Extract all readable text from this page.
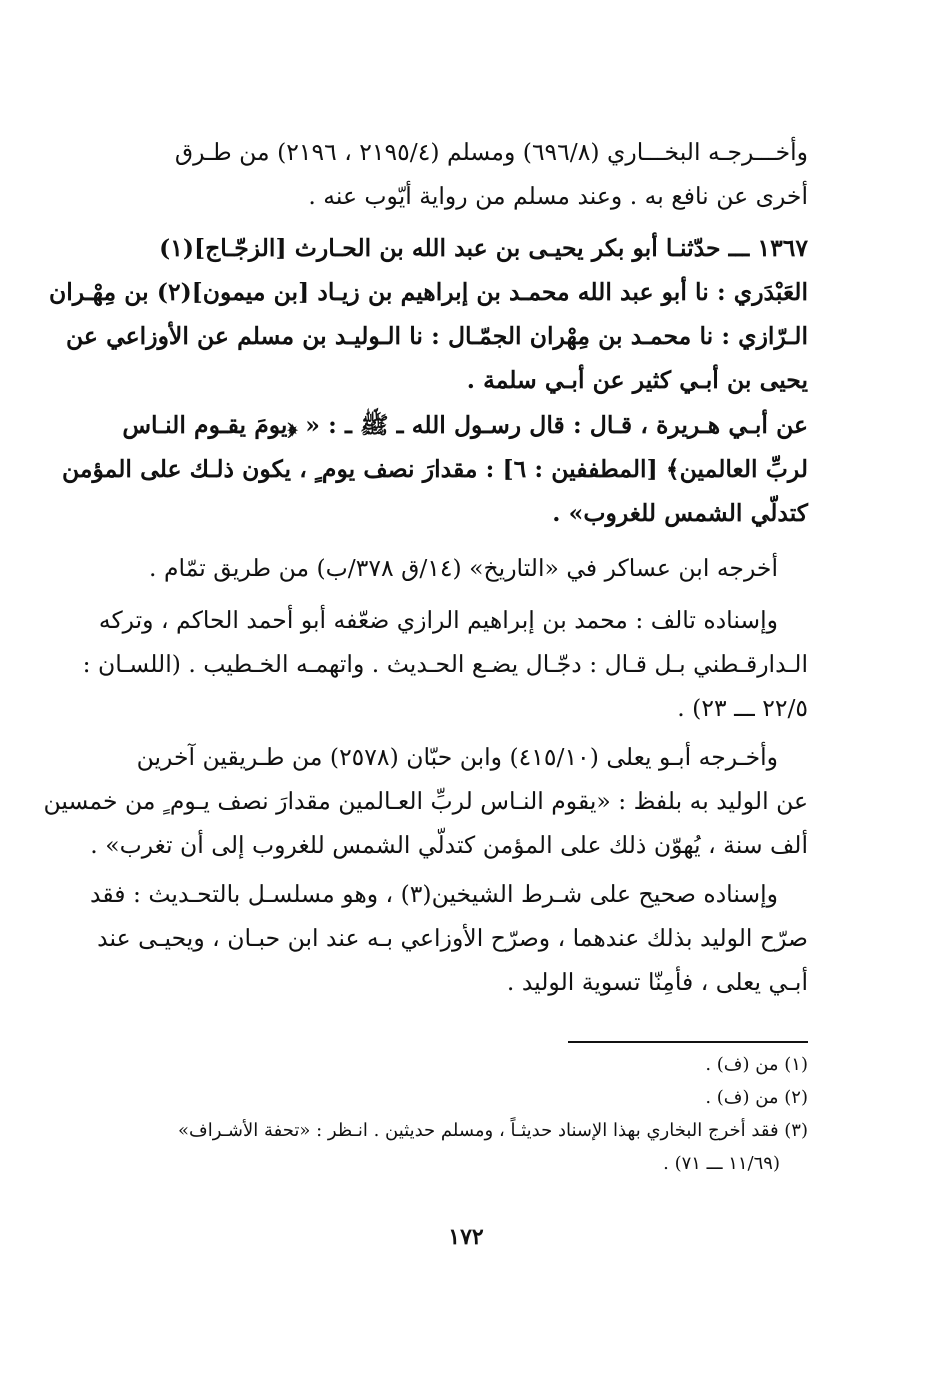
وأخـــرجـه البخـــاري (٦٩٦/٨) ومسلم (٢١٩٥/٤ ، ٢١٩٦) من طـرق
أخرى عن نافع به . وعند مسلم من رواية أيّوب عنه .
١٣٦٧ ـــ حدّثنـا أبو بكر يحيـى بن عبد الله بن الحـارث [الزجّـاج](١)
العَبْدَري : نا أبو عبد الله محمـد بن إبراهيم بن زيـاد [بن ميمون](٢) بن مِهْـران
الـرّازي : نا محمـد بن مِهْران الجمّـال : نا الـوليـد بن مسلم عن الأوزاعي عن
يحيى بن أبـي كثير عن أبـي سلمة .
عن أبـي هـريرة ، قـال : قال رسـول الله ـ ﷺ ـ : « ﴿يومَ يقـوم النـاس
لربِّ العالمين﴾ [المطففين : ٦] : مقدارَ نصف يوم ٍ ، يكون ذلـك على المؤمن
كتدلّي الشمس للغروب» .
أخرجه ابن عساكر في «التاريخ» (١٤/ق ٣٧٨/ب) من طريق تمّام .
وإسناده تالف : محمد بن إبراهيم الرازي ضعّفه أبو أحمد الحاكم ، وتركه
الـدارقـطني بـل قـال : دجّـال يضـع الحـديث . واتهمـه الخـطيب . (اللسـان :
٢٢/٥ ـــ ٢٣) .
وأخـرجه أبـو يعلى (٤١٥/١٠) وابن حبّان (٢٥٧٨) من طـريقين آخرين
عن الوليد به بلفظ : «يقوم النـاس لربِّ العـالمين مقدارَ نصف يـوم ٍ من خمسين
ألف سنة ، يُهوّن ذلك على المؤمن كتدلّي الشمس للغروب إلى أن تغرب» .
وإسناده صحيح على شـرط الشيخين(٣) ، وهو مسلسـل بالتحـديث : فقد
صرّح الوليد بذلك عندهما ، وصرّح الأوزاعي بـه عند ابن حبـان ، ويحيـى عند
أبـي يعلى ، فأمِنّا تسوية الوليد .
(١) من (ف) .
(٢) من (ف) .
(٣) فقد أخرج البخاري بهذا الإسناد حديثـاً ، ومسلم حديثين . انـظر : «تحفة الأشـراف»
(١١/٦٩ ـــ ٧١) .
١٧٢
